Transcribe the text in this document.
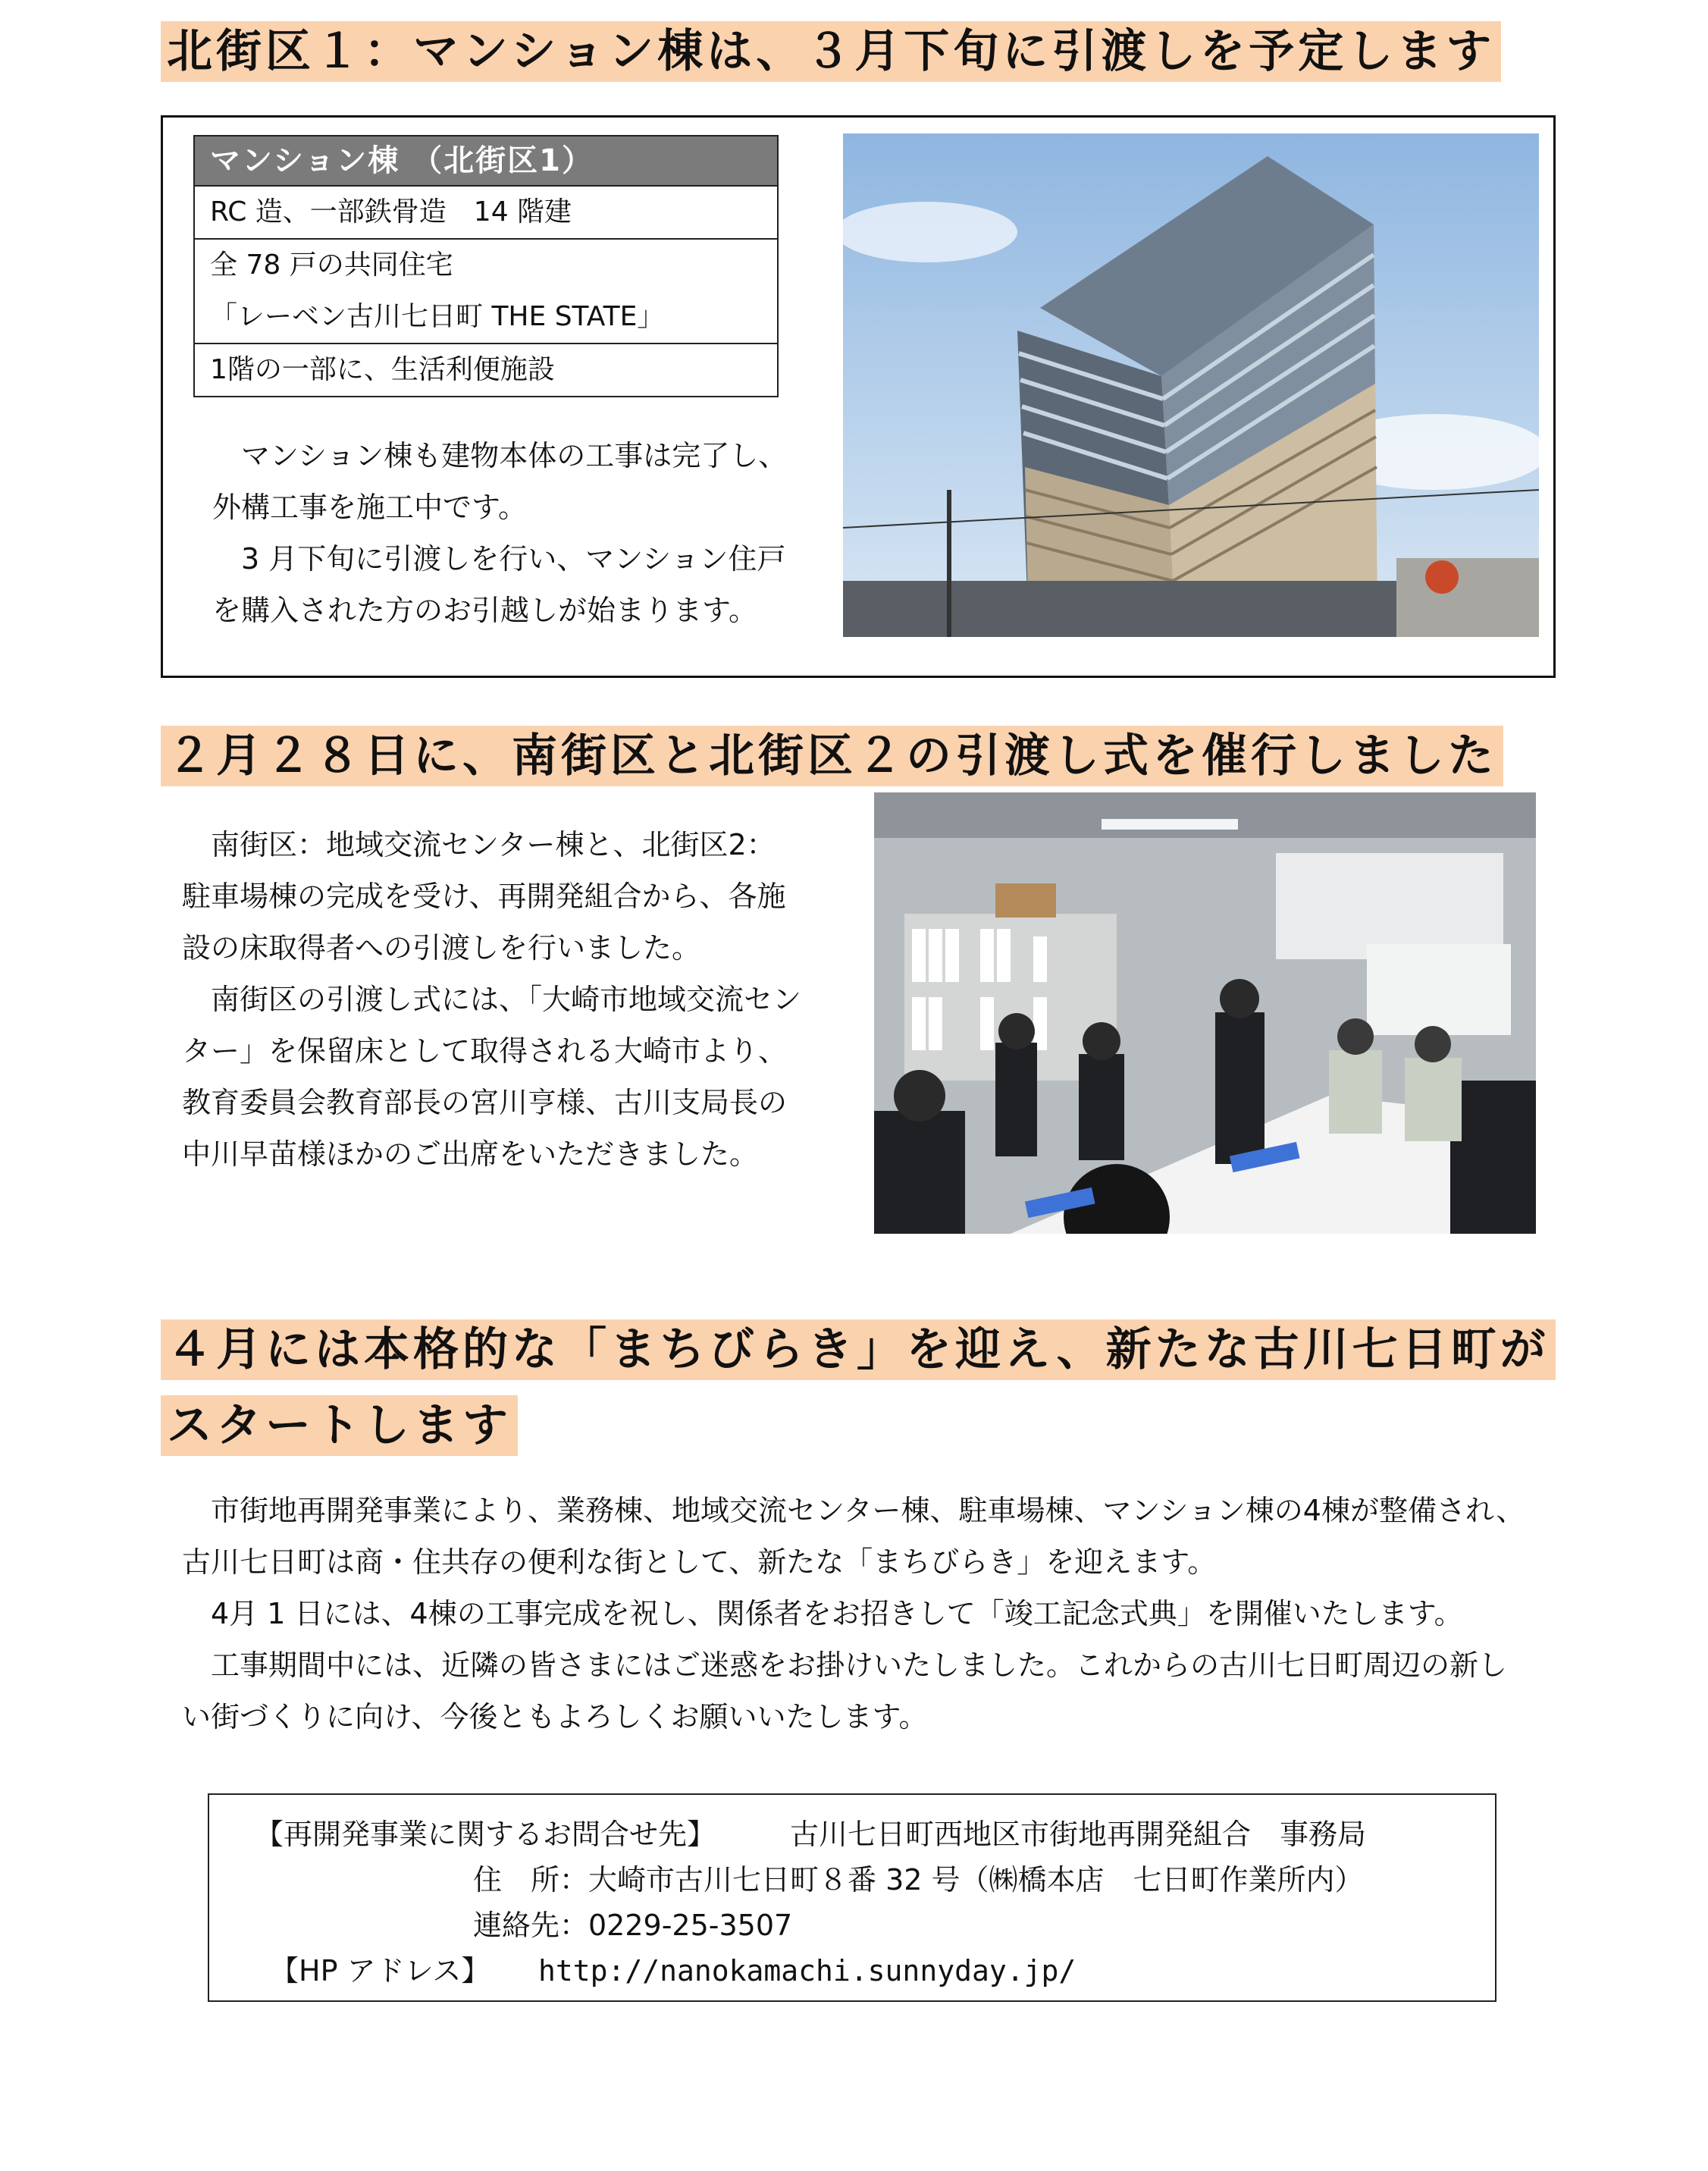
北街区１：マンション棟は、３月下旬に引渡しを予定します
マンション棟 （北街区1）
RC 造、一部鉄骨造　14 階建

全 78 戸の共同住宅
「レーベン古川七日町 THE STATE」

1階の一部に、生活利便施設

マンション棟も建物本体の工事は完了し、外構工事を施工中です。

3 月下旬に引渡しを行い、マンション住戸を購入された方のお引越しが始まります。

２月２８日に、南街区と北街区２の引渡し式を催行しました

南街区：地域交流センター棟と、北街区2：駐車場棟の完成を受け、再開発組合から、各施設の床取得者への引渡しを行いました。

南街区の引渡し式には、「大崎市地域交流センター」を保留床として取得される大崎市より、教育委員会教育部長の宮川亨様、古川支局長の中川早苗様ほかのご出席をいただきました。

４月には本格的な「まちびらき」を迎え、新たな古川七日町が
スタートします

市街地再開発事業により、業務棟、地域交流センター棟、駐車場棟、マンション棟の4棟が整備され、古川七日町は商・住共存の便利な街として、新たな「まちびらき」を迎えます。

4月 1 日には、4棟の工事完成を祝し、関係者をお招きして「竣工記念式典」を開催いたします。

工事期間中には、近隣の皆さまにはご迷惑をお掛けいたしました。これからの古川七日町周辺の新しい街づくりに向け、今後ともよろしくお願いいたします。

【再開発事業に関するお問合せ先】	古川七日町西地区市街地再開発組合　事務局
住　所：大崎市古川七日町８番 32 号（㈱橋本店　七日町作業所内）
連絡先：0229-25-3507
【HP アドレス】 http://nanokamachi.sunnyday.jp/
